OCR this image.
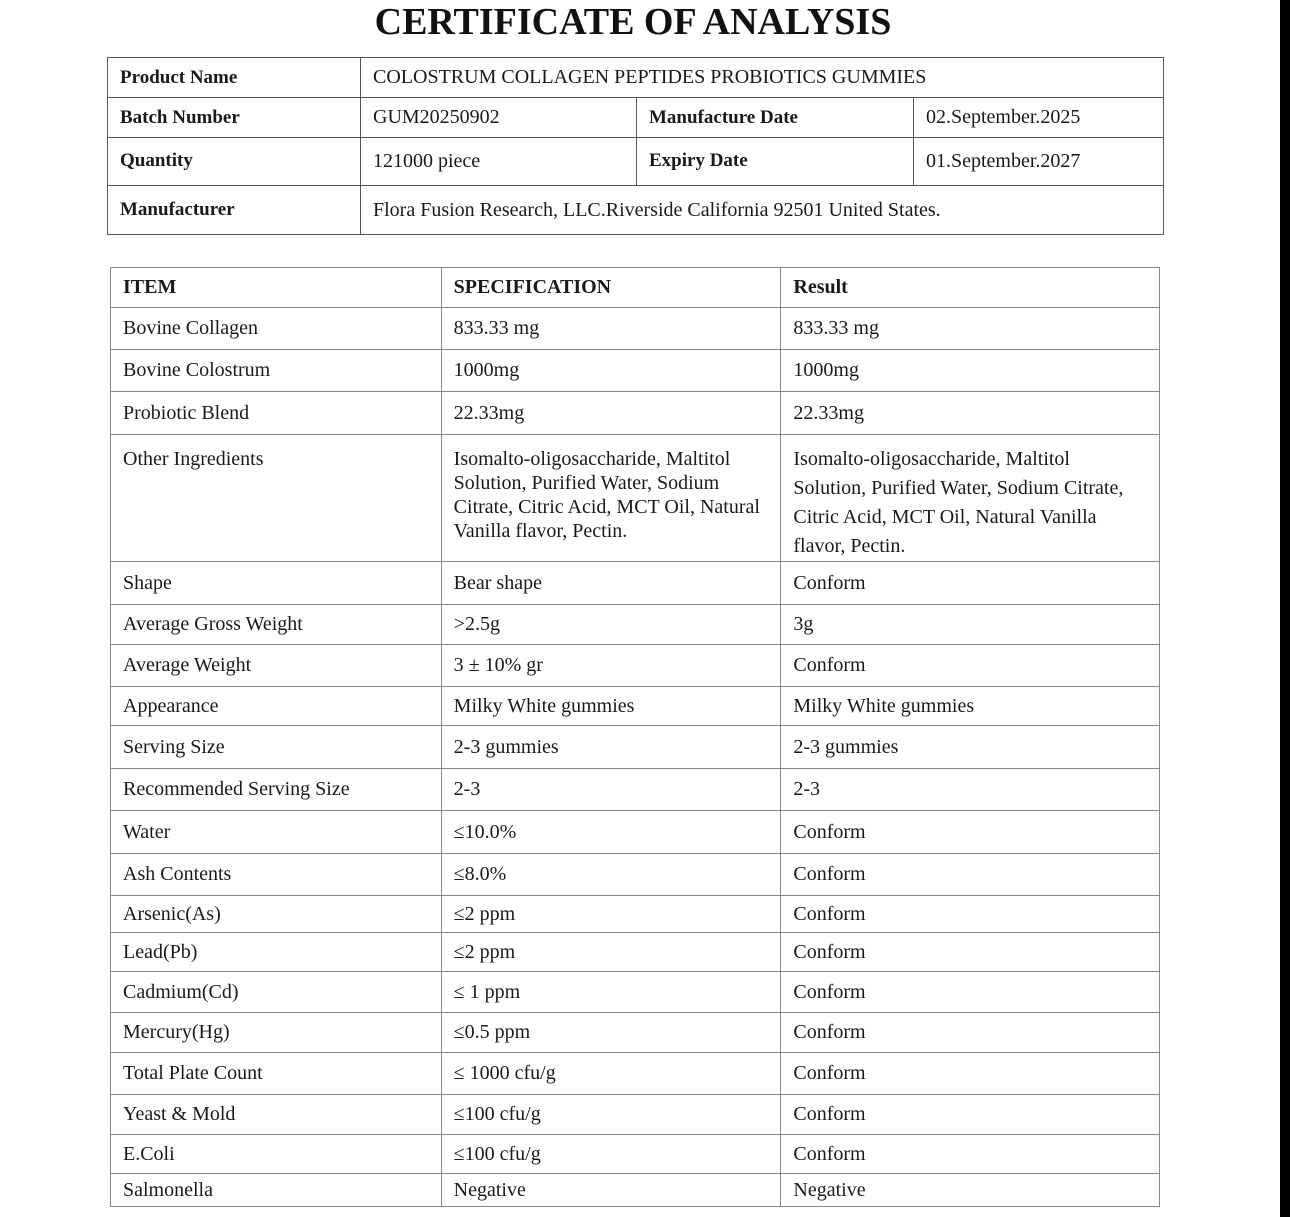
CERTIFICATE OF ANALYSIS
Product Name	COLOSTRUM COLLAGEN PEPTIDES PROBIOTICS GUMMIES		
Batch Number	GUM20250902	Manufacture Date	02.September.2025
Quantity	121000 piece	Expiry Date	01.September.2027
Manufacturer	Flora Fusion Research, LLC.Riverside California 92501 United States.		
ITEM	SPECIFICATION	Result
Bovine Collagen	833.33 mg	833.33 mg
Bovine Colostrum	1000mg	1000mg
Probiotic Blend	22.33mg	22.33mg
Other Ingredients	Isomalto-oligosaccharide, Maltitol Solution, Purified Water, Sodium Citrate, Citric Acid, MCT Oil, Natural Vanilla flavor, Pectin.	Isomalto-oligosaccharide, Maltitol Solution, Purified Water, Sodium Citrate, Citric Acid, MCT Oil, Natural Vanilla flavor, Pectin.
Shape	Bear shape	Conform
Average Gross Weight	>2.5g	3g
Average Weight	3 ± 10% gr	Conform
Appearance	Milky White gummies	Milky White gummies
Serving Size	2-3 gummies	2-3 gummies
Recommended Serving Size	2-3	2-3
Water	≤10.0%	Conform
Ash Contents	≤8.0%	Conform
Arsenic(As)	≤2 ppm	Conform
Lead(Pb)	≤2 ppm	Conform
Cadmium(Cd)	≤ 1 ppm	Conform
Mercury(Hg)	≤0.5 ppm	Conform
Total Plate Count	≤ 1000 cfu/g	Conform
Yeast & Mold	≤100 cfu/g	Conform
E.Coli	≤100 cfu/g	Conform
Salmonella	Negative	Negative
